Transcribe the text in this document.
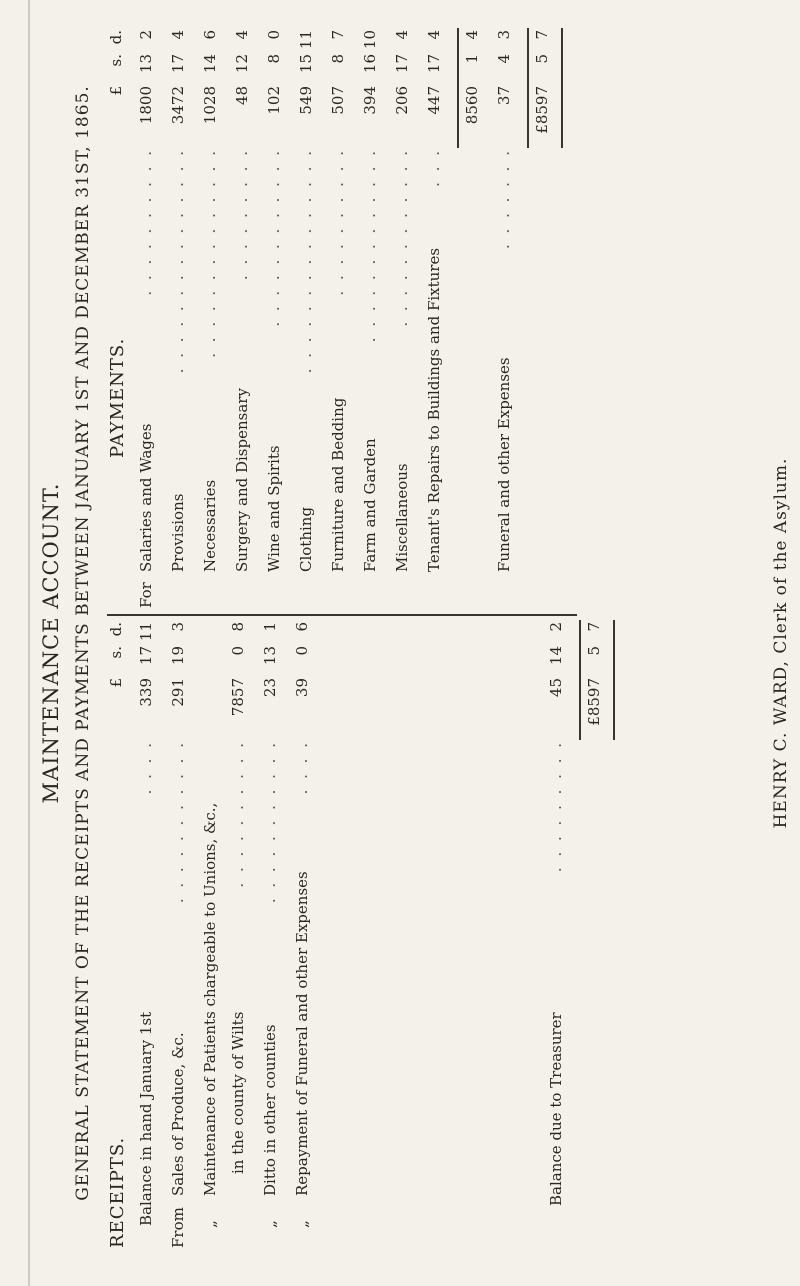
MAINTENANCE ACCOUNT. GENERAL STATEMENT OF THE RECEIPTS AND PAYMENTS BETWEEN JANUARY 1ST AND DECEMBER 31ST, 1865. RECEIPTS.
£
s.
d.
Balance in hand January 1st
. . . .
339
17
11
From
Sales of Produce, &c.
. . . . . . . . . . .
291
19
3
„
Maintenance of Patients chargeable to Unions, &c., in the county of Wilts
. . . . . . . . . .
7857
0
8
„
Ditto in other counties
. . . . . . . . . . .
23
13
1
„
Repayment of Funeral and other Expenses
. . . .
39
0
6
Balance due to Treasurer
. . . . . . . . .
45
14
2
£8597
5
7
PAYMENTS.
£
s.
d.
For
Salaries and Wages
. . . . . . . . . .
1800
13
2
Provisions
. . . . . . . . . . . . . . .
3472
17
4
Necessaries
. . . . . . . . . . . . . .
1028
14
6
Surgery and Dispensary
. . . . . . . . .
48
12
4
Wine and Spirits
. . . . . . . . . . . .
102
8
0
Clothing
. . . . . . . . . . . . . . .
549
15
11
Furniture and Bedding
. . . . . . . . . .
507
8
7
Farm and Garden
. . . . . . . . . . . . .
394
16
10
Miscellaneous
. . . . . . . . . . . .
206
17
4
Tenant's Repairs to Buildings and Fixtures
. . .
447
17
4
8560
1
4
Funeral and other Expenses
. . . . . . .
37
4
3
£8597
5
7
HENRY C. WARD, Clerk of the Asylum.
